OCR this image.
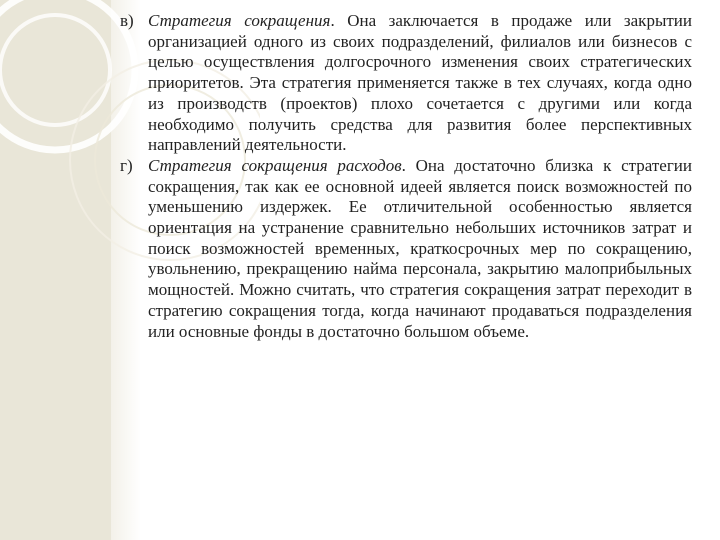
в) Стратегия сокращения. Она заключается в продаже или закрытии организацией одного из своих подразделений, филиалов или бизнесов с целью осуществления долгосрочного изменения своих стратегических приоритетов. Эта стратегия применяется также в тех случаях, когда одно из производств (проектов) плохо сочетается с другими или когда необходимо получить средства для развития более перспективных направлений деятельности.
г) Стратегия сокращения расходов. Она достаточно близка к стратегии сокращения, так как ее основной идеей является поиск возможностей по уменьшению издержек. Ее отличительной особенностью является ориентация на устранение сравнительно небольших источников затрат и поиск возможностей временных, краткосрочных мер по сокращению, увольнению, прекращению найма персонала, закрытию малоприбыльных мощностей. Можно считать, что стратегия сокращения затрат переходит в стратегию сокращения тогда, когда начинают продаваться подразделения или основные фонды в достаточно большом объеме.
